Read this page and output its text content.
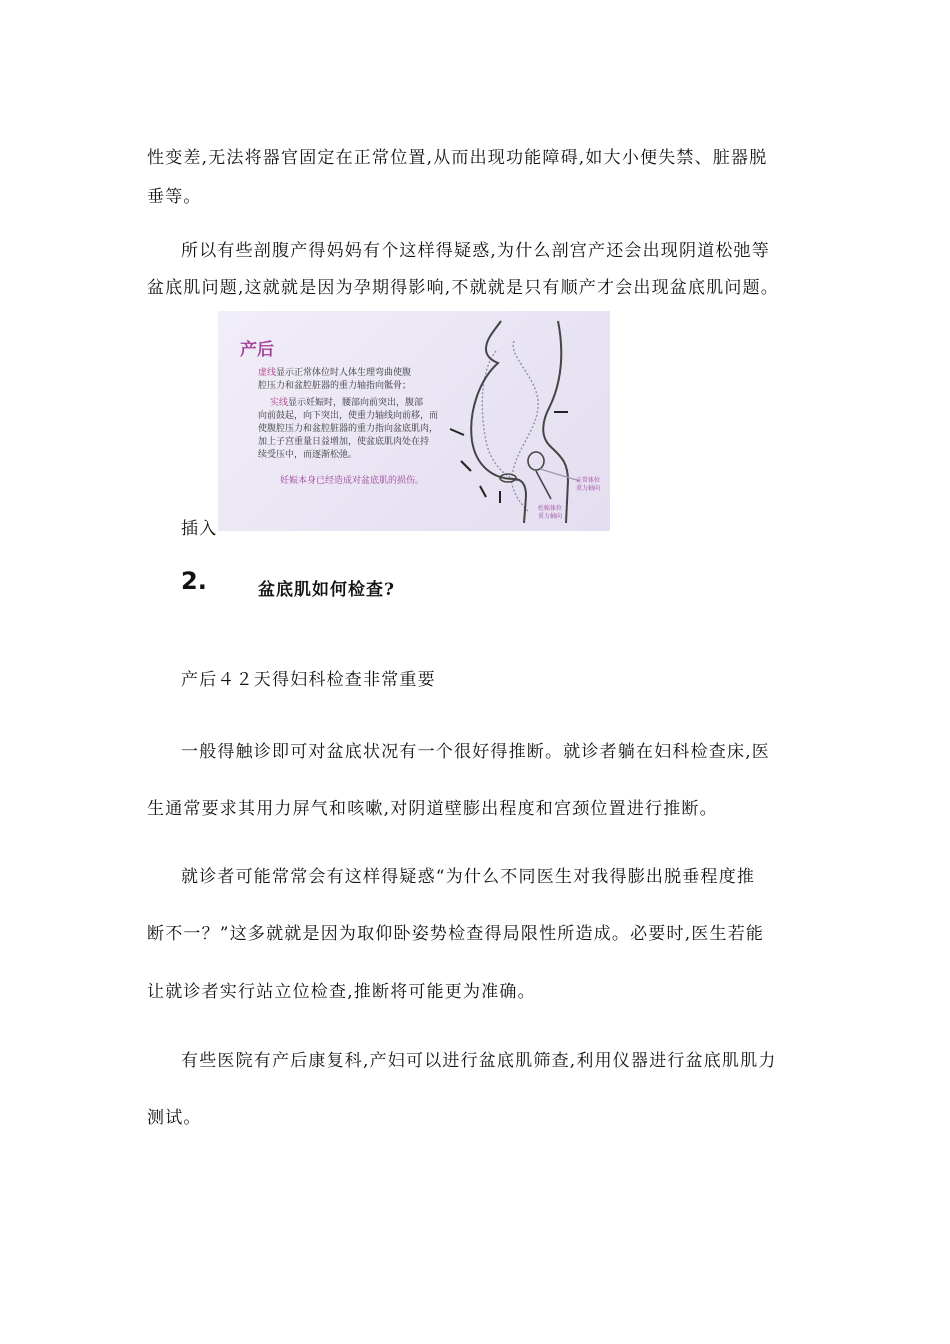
性变差,无法将器官固定在正常位置,从而出现功能障碍,如大小便失禁、脏器脱
垂等。
所以有些剖腹产得妈妈有个这样得疑惑,为什么剖宫产还会出现阴道松弛等
盆底肌问题,这就就是因为孕期得影响,不就就是只有顺产才会出现盆底肌问题。
插入
产后
虚线显示正常体位时人体生理弯曲使腹
腔压力和盆腔脏器的重力轴指向骶骨；
实线显示妊娠时，腰部向前突出，腹部
向前鼓起，向下突出，使重力轴线向前移，而
使腹腔压力和盆腔脏器的重力指向盆底肌肉，
加上子宫重量日益增加，使盆底肌肉处在持
续受压中，而逐渐松弛。
妊娠本身已经造成对盆底肌的损伤。	正常体位
重力轴向
妊娠体位
重力轴向
2.	盆底肌如何检查?
产后４２天得妇科检查非常重要
一般得触诊即可对盆底状况有一个很好得推断。就诊者躺在妇科检查床,医
生通常要求其用力屏气和咳嗽,对阴道壁膨出程度和宫颈位置进行推断。
就诊者可能常常会有这样得疑惑“为什么不同医生对我得膨出脱垂程度推
断不一？”这多就就是因为取仰卧姿势检查得局限性所造成。必要时,医生若能
让就诊者实行站立位检查,推断将可能更为准确。
有些医院有产后康复科,产妇可以进行盆底肌筛查,利用仪器进行盆底肌肌力
测试。
